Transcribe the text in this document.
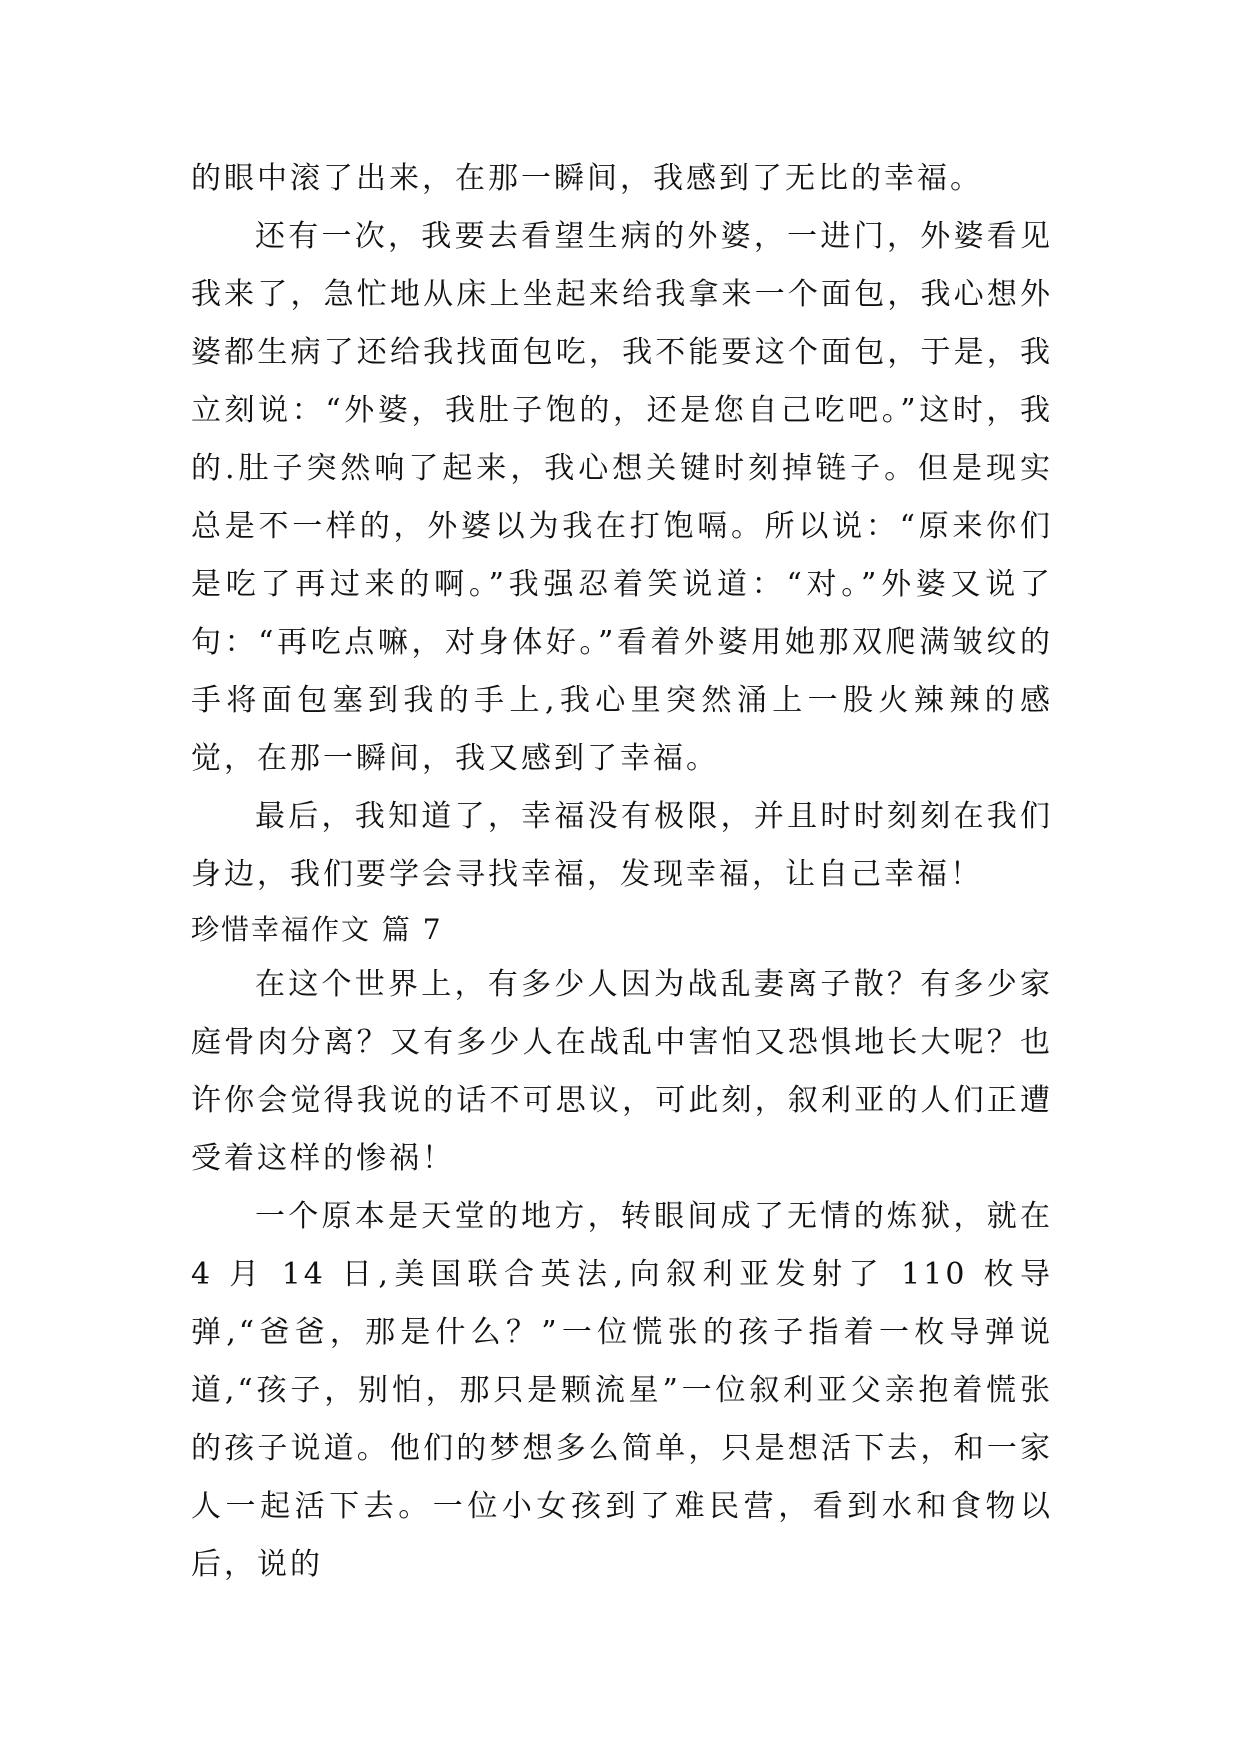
的眼中滚了出来，在那一瞬间，我感到了无比的幸福。

还有一次，我要去看望生病的外婆，一进门，外婆看见我来了，急忙地从床上坐起来给我拿来一个面包，我心想外婆都生病了还给我找面包吃，我不能要这个面包，于是，我立刻说：“外婆，我肚子饱的，还是您自己吃吧。”这时，我的.肚子突然响了起来，我心想关键时刻掉链子。但是现实总是不一样的，外婆以为我在打饱嗝。所以说：“原来你们是吃了再过来的啊。”我强忍着笑说道：“对。”外婆又说了句：“再吃点嘛，对身体好。”看着外婆用她那双爬满皱纹的手将面包塞到我的手上,我心里突然涌上一股火辣辣的感觉，在那一瞬间，我又感到了幸福。

最后，我知道了，幸福没有极限，并且时时刻刻在我们身边，我们要学会寻找幸福，发现幸福，让自己幸福！

珍惜幸福作文 篇 7

在这个世界上，有多少人因为战乱妻离子散？有多少家庭骨肉分离？又有多少人在战乱中害怕又恐惧地长大呢？也许你会觉得我说的话不可思议，可此刻，叙利亚的人们正遭受着这样的惨祸！

一个原本是天堂的地方，转眼间成了无情的炼狱，就在 4 月 14 日,美国联合英法,向叙利亚发射了 110 枚导弹,“爸爸，那是什么？”一位慌张的孩子指着一枚导弹说道,“孩子，别怕，那只是颗流星”一位叙利亚父亲抱着慌张的孩子说道。他们的梦想多么简单，只是想活下去，和一家人一起活下去。一位小女孩到了难民营，看到水和食物以后，说的
